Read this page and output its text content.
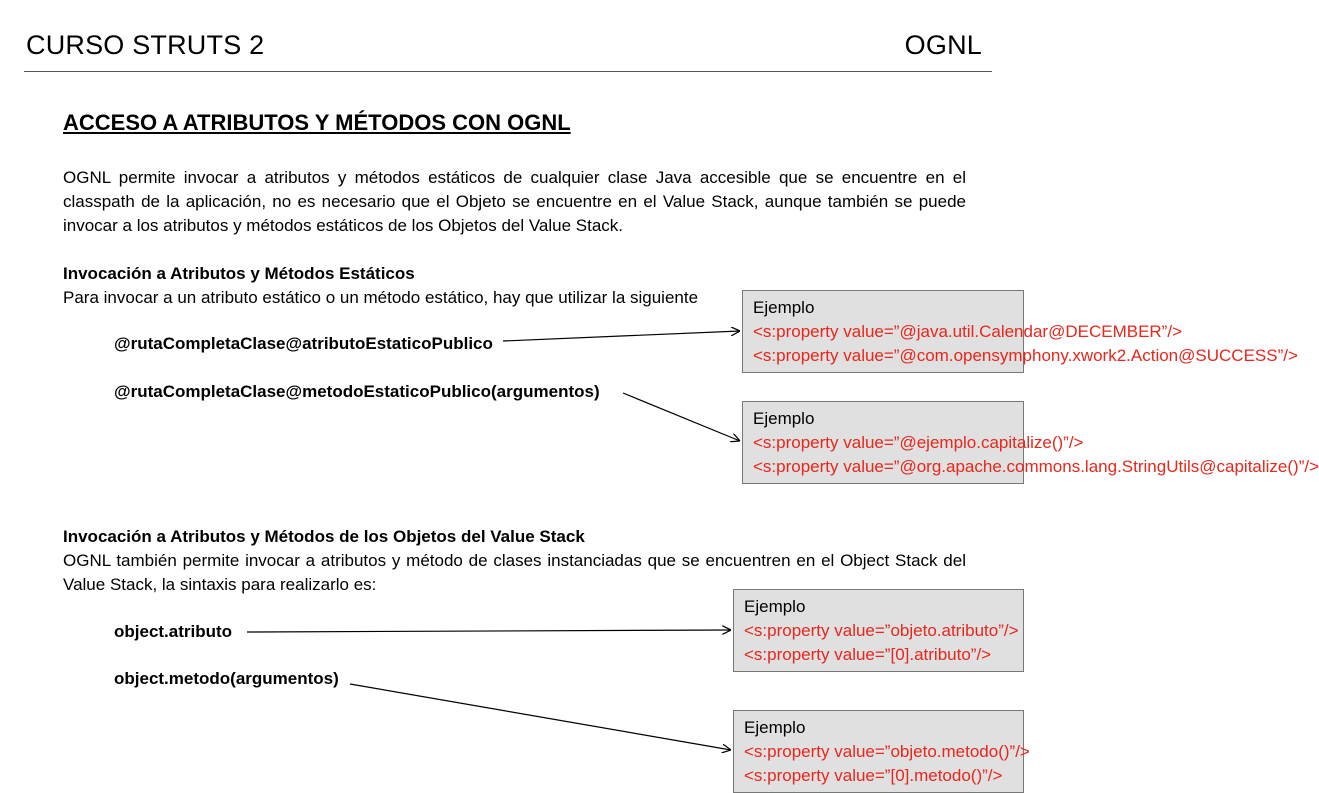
CURSO STRUTS 2	OGNL
ACCESO A ATRIBUTOS Y MÉTODOS CON OGNL
OGNL permite invocar a atributos y métodos estáticos de cualquier clase Java accesible que se encuentre en el classpath de la aplicación, no es necesario que el Objeto se encuentre en el Value Stack, aunque también se puede invocar a los atributos y métodos estáticos de los Objetos del Value Stack.
Invocación a Atributos y Métodos Estáticos
Para invocar a un atributo estático o un método estático, hay que utilizar la siguiente
@rutaCompletaClase@atributoEstaticoPublico
@rutaCompletaClase@metodoEstaticoPublico(argumentos)
Invocación a Atributos y Métodos de los Objetos del Value Stack
OGNL también permite invocar a atributos y método de clases instanciadas que se encuentren en el Object Stack del Value Stack, la sintaxis para realizarlo es:
object.atributo
object.metodo(argumentos)
Ejemplo
<s:property value=”@java.util.Calendar@DECEMBER”/>
<s:property value=”@com.opensymphony.xwork2.Action@SUCCESS”/>
Ejemplo
<s:property value=”@ejemplo.capitalize()”/>
<s:property value=”@org.apache.commons.lang.StringUtils@capitalize()”/>
Ejemplo
<s:property value=”objeto.atributo”/>
<s:property value=”[0].atributo”/>
Ejemplo
<s:property value=”objeto.metodo()”/>
<s:property value=”[0].metodo()”/>
